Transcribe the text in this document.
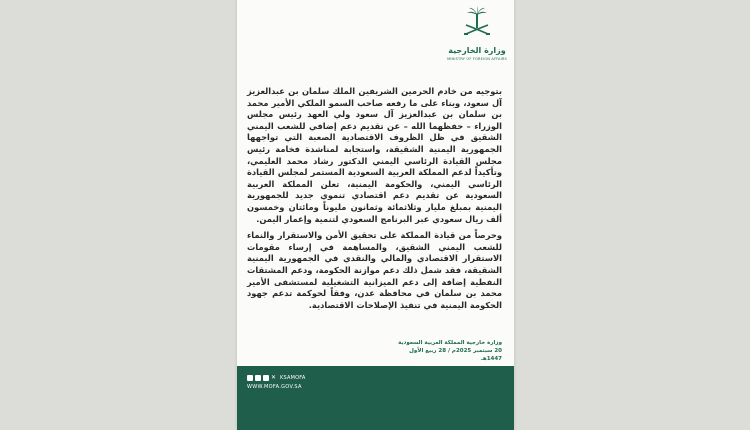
وزارة الخارجية
MINISTRY OF FOREIGN AFFAIRS

بتوجيه من خادم الحرمين الشريفين الملك سلمان بن عبدالعزيز آل سعود، وبناء على ما رفعه صاحب السمو الملكي الأمير محمد بن سلمان بن عبدالعزيز آل سعود ولي العهد رئيس مجلس الوزراء – حفظهما الله – عن تقديم دعم إضافي للشعب اليمني الشقيق في ظل الظروف الاقتصادية الصعبة التي تواجهها الجمهورية اليمنية الشقيقة، واستجابة لمناشدة فخامة رئيس مجلس القيادة الرئاسي اليمني الدكتور رشاد محمد العليمي، وتأكيداً لدعم المملكة العربية السعودية المستمر لمجلس القيادة الرئاسي اليمني، والحكومة اليمنية، تعلن المملكة العربية السعودية عن تقديم دعم اقتصادي تنموي جديد للجمهورية اليمنية بمبلغ مليار وثلاثمائة وثمانون مليوناً ومائتان وخمسون ألف ريال سعودي عبر البرنامج السعودي لتنمية وإعمار اليمن.

وحرصاً من قيادة المملكة على تحقيق الأمن والاستقرار والنماء للشعب اليمني الشقيق، والمساهمة في إرساء مقومات الاستقرار الاقتصادي والمالي والنقدي في الجمهورية اليمنية الشقيقة، فقد شمل ذلك دعم موازنة الحكومة، ودعم المشتقات النفطية إضافة إلى دعم الميزانية التشغيلية لمستشفى الأمير محمد بن سلمان في محافظة عدن، وفقاً لحوكمة تدعم جهود الحكومة اليمنية في تنفيذ الإصلاحات الاقتصادية.

وزارة خارجية المملكة العربية السعودية
20 سبتمبر 2025م / 28 ربيع الأول 1447هـ
✕ KSAMOFA
WWW.MOFA.GOV.SA
